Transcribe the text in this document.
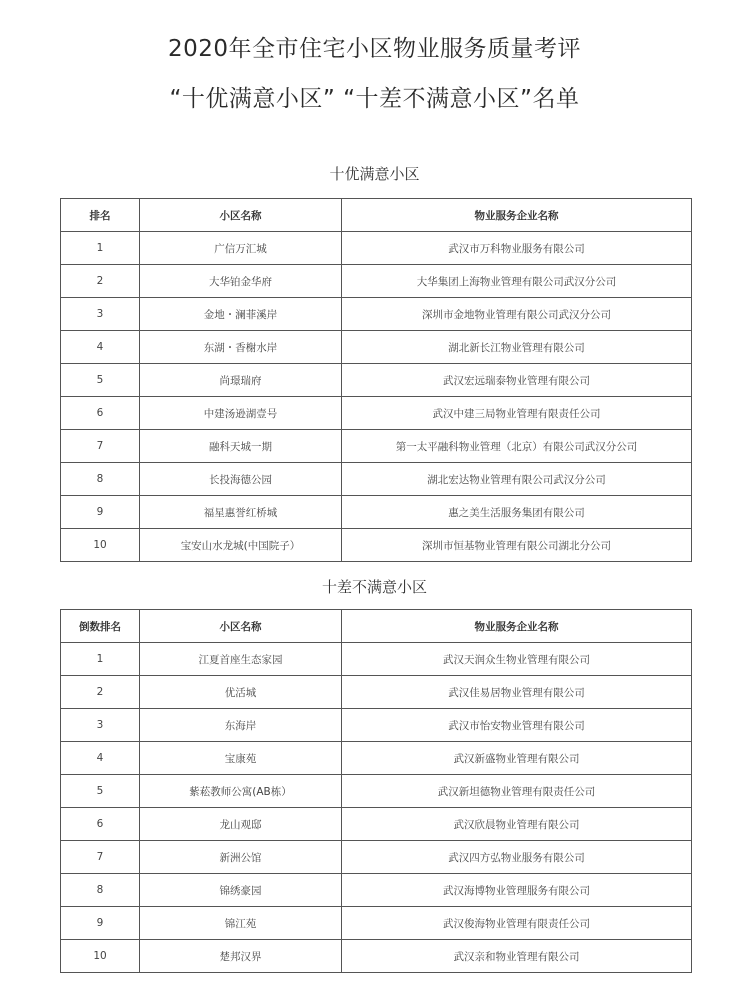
2020年全市住宅小区物业服务质量考评
“十优满意小区” “十差不满意小区”名单
十优满意小区
排名	小区名称	物业服务企业名称
1	广信万汇城	武汉市万科物业服务有限公司
2	大华铂金华府	大华集团上海物业管理有限公司武汉分公司
3	金地・澜菲溪岸	深圳市金地物业管理有限公司武汉分公司
4	东湖・香榭水岸	湖北新长江物业管理有限公司
5	尚璟瑞府	武汉宏远瑞泰物业管理有限公司
6	中建汤逊湖壹号	武汉中建三局物业管理有限责任公司
7	融科天城一期	第一太平融科物业管理（北京）有限公司武汉分公司
8	长投海德公园	湖北宏达物业管理有限公司武汉分公司
9	福星惠誉红桥城	惠之美生活服务集团有限公司
10	宝安山水龙城(中国院子）	深圳市恒基物业管理有限公司湖北分公司
十差不满意小区
倒数排名	小区名称	物业服务企业名称
1	江夏首座生态家园	武汉天润众生物业管理有限公司
2	优活城	武汉佳易居物业管理有限公司
3	东海岸	武汉市怡安物业管理有限公司
4	宝康苑	武汉新盛物业管理有限公司
5	紫菘教师公寓(AB栋）	武汉新坦德物业管理有限责任公司
6	龙山观邸	武汉欣晨物业管理有限公司
7	新洲公馆	武汉四方弘物业服务有限公司
8	锦绣豪园	武汉海博物业管理服务有限公司
9	锦江苑	武汉俊海物业管理有限责任公司
10	楚邦汉界	武汉亲和物业管理有限公司
